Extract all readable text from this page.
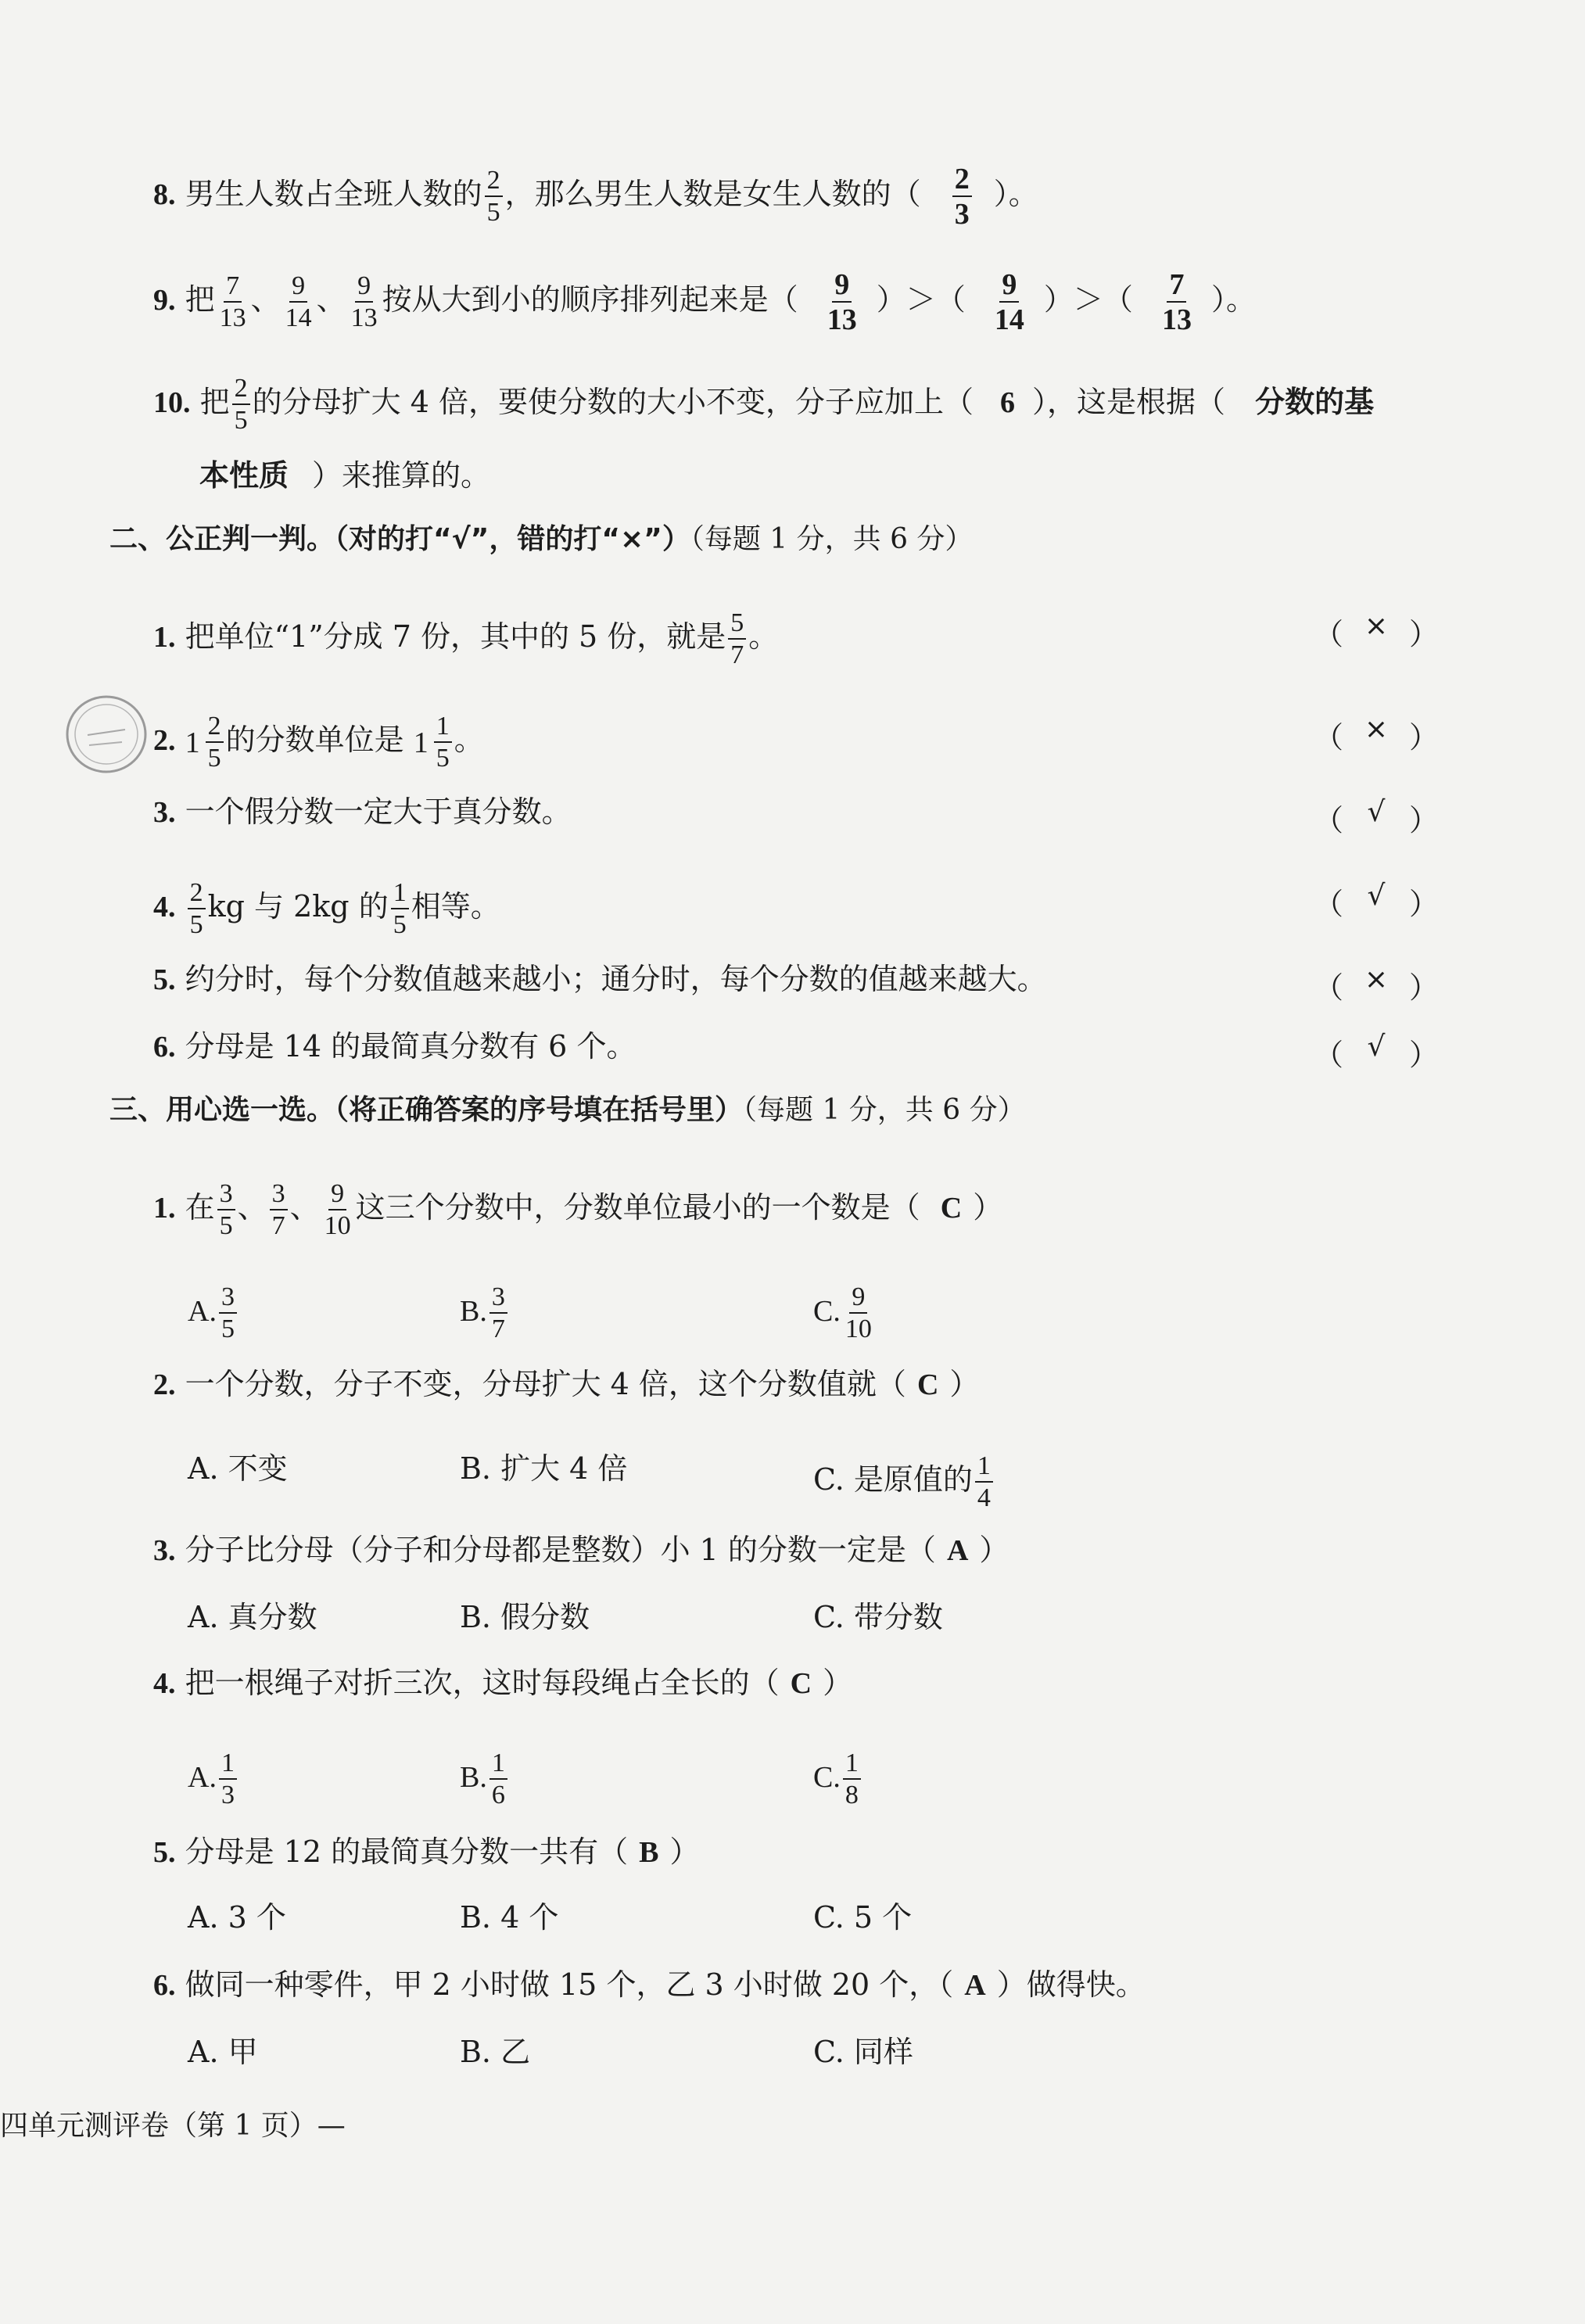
8. 男生人数占全班人数的 $\frac{2}{5}$ ，那么男生人数是女生人数的（ $\frac{2}{3}$ ）。
9. 把 $\frac{7}{13}$ 、 $\frac{9}{14}$ 、 $\frac{9}{13}$ 按从大到小的顺序排列起来是（ $\frac{9}{13}$ ）＞（ $\frac{9}{14}$ ）＞（ $\frac{7}{13}$ ）。
10. 把 $\frac{2}{5}$ 的分母扩大 4 倍，要使分数的大小不变，分子应加上（ 6 ），这是根据（ 分数的基
本性质 ）来推算的。
二、公正判一判。（对的打“√”，错的打“×”）（每题 1 分，共 6 分）
1. 把单位“1”分成 7 份，其中的 5 份，就是 $\frac{5}{7}$ 。	（ × ）
2. $1 \frac{2}{5}$ 的分数单位是 $1 \frac{1}{5}$ 。	（ × ）
3. 一个假分数一定大于真分数。	（ √ ）
4. $\frac{2}{5}$ kg 与 2kg 的 $\frac{1}{5}$ 相等。	（ √ ）
5. 约分时，每个分数值越来越小；通分时，每个分数的值越来越大。	（ × ）
6. 分母是 14 的最简真分数有 6 个。	（ √ ）
三、用心选一选。（将正确答案的序号填在括号里）（每题 1 分，共 6 分）
1. 在 $\frac{3}{5}$ 、 $\frac{3}{7}$ 、 $\frac{9}{10}$ 这三个分数中，分数单位最小的一个数是（ C ）
A. $\frac{3}{5}$	B. $\frac{3}{7}$	C. $\frac{9}{10}$
2. 一个分数，分子不变，分母扩大 4 倍，这个分数值就（ C ）
A. 不变	B. 扩大 4 倍	C. 是原值的 $\frac{1}{4}$
3. 分子比分母（分子和分母都是整数）小 1 的分数一定是（ A ）
A. 真分数	B. 假分数	C. 带分数
4. 把一根绳子对折三次，这时每段绳占全长的（ C ）
A. $\frac{1}{3}$	B. $\frac{1}{6}$	C. $\frac{1}{8}$
5. 分母是 12 的最简真分数一共有（ B ）
A. 3 个	B. 4 个	C. 5 个
6. 做同一种零件，甲 2 小时做 15 个，乙 3 小时做 20 个，（ A ）做得快。
A. 甲	B. 乙	C. 同样
四单元测评卷（第 1 页）—
